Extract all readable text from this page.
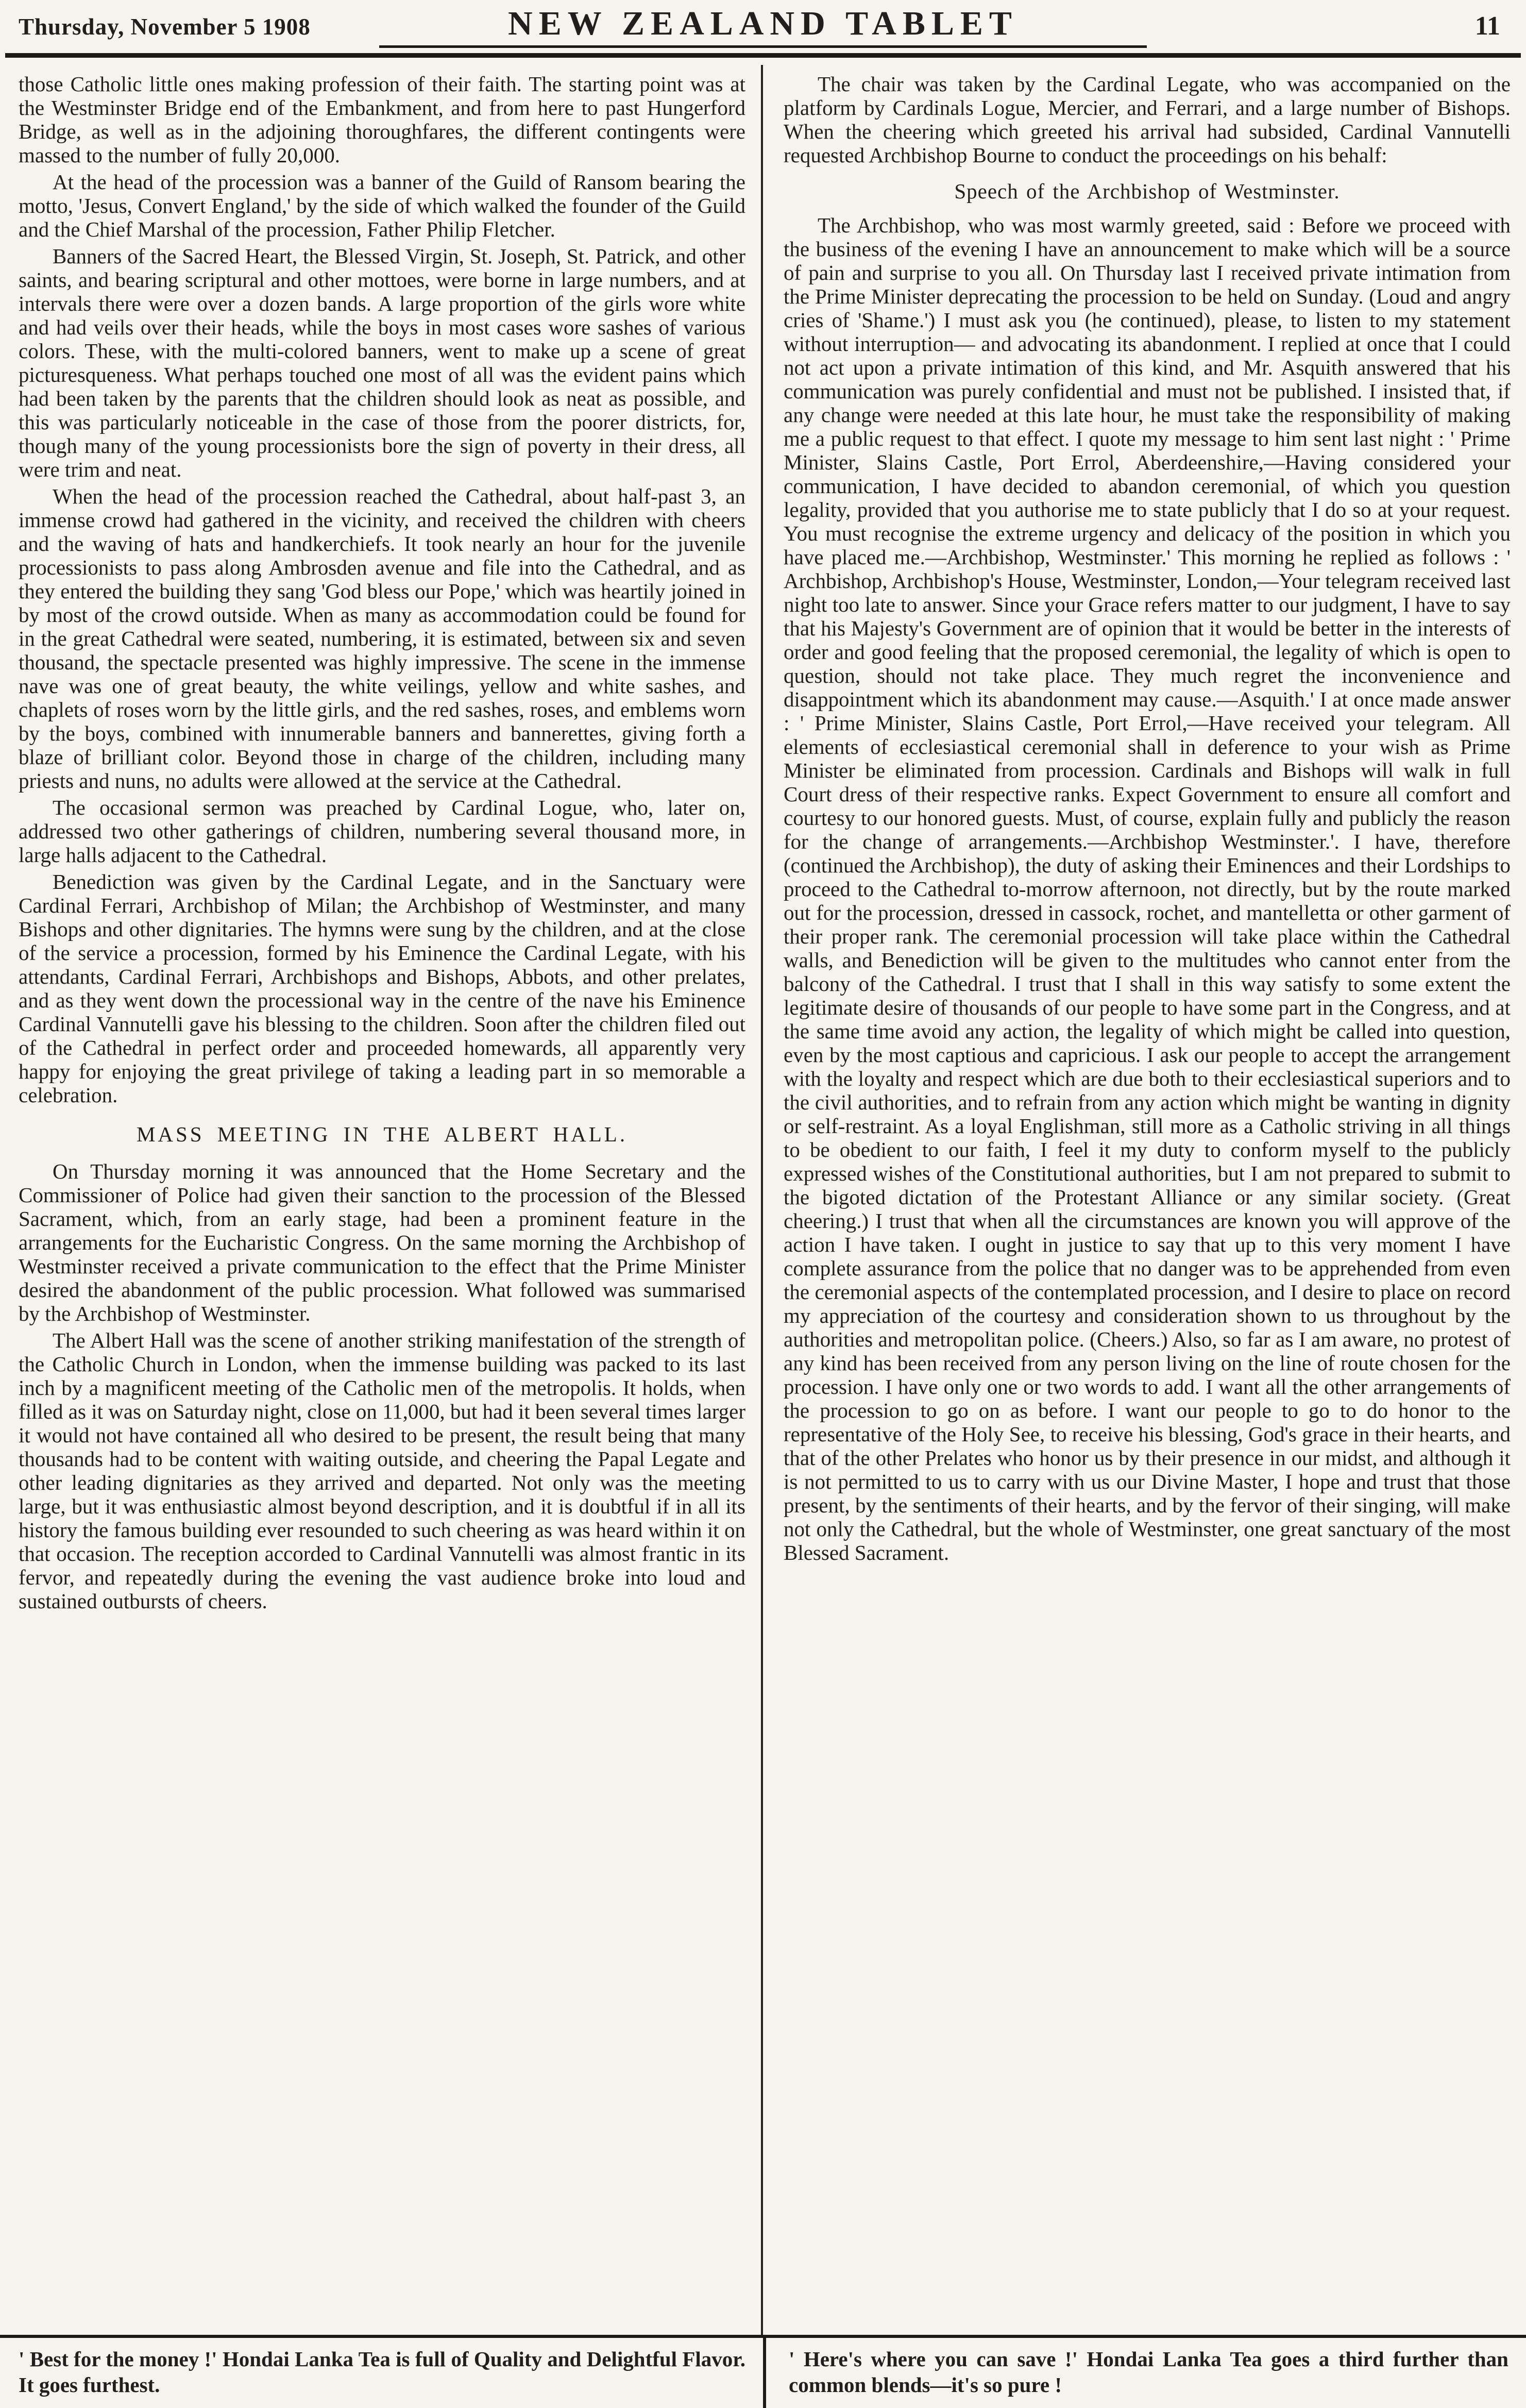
Thursday, November 5 1908	NEW ZEALAND TABLET	11

those Catholic little ones making profession of their faith. The starting point was at the Westminster Bridge end of the Embankment, and from here to past Hungerford Bridge, as well as in the adjoining thoroughfares, the different contingents were massed to the number of fully 20,000.

At the head of the procession was a banner of the Guild of Ransom bearing the motto, 'Jesus, Convert England,' by the side of which walked the founder of the Guild and the Chief Marshal of the procession, Father Philip Fletcher.

Banners of the Sacred Heart, the Blessed Virgin, St. Joseph, St. Patrick, and other saints, and bearing scriptural and other mottoes, were borne in large numbers, and at intervals there were over a dozen bands. A large proportion of the girls wore white and had veils over their heads, while the boys in most cases wore sashes of various colors. These, with the multi-colored banners, went to make up a scene of great picturesqueness. What perhaps touched one most of all was the evident pains which had been taken by the parents that the children should look as neat as possible, and this was particularly noticeable in the case of those from the poorer districts, for, though many of the young processionists bore the sign of poverty in their dress, all were trim and neat.

When the head of the procession reached the Cathedral, about half-past 3, an immense crowd had gathered in the vicinity, and received the children with cheers and the waving of hats and handkerchiefs. It took nearly an hour for the juvenile processionists to pass along Ambrosden avenue and file into the Cathedral, and as they entered the building they sang 'God bless our Pope,' which was heartily joined in by most of the crowd outside. When as many as accommodation could be found for in the great Cathedral were seated, numbering, it is estimated, between six and seven thousand, the spectacle presented was highly impressive. The scene in the immense nave was one of great beauty, the white veilings, yellow and white sashes, and chaplets of roses worn by the little girls, and the red sashes, roses, and emblems worn by the boys, combined with innumerable banners and bannerettes, giving forth a blaze of brilliant color. Beyond those in charge of the children, including many priests and nuns, no adults were allowed at the service at the Cathedral.

The occasional sermon was preached by Cardinal Logue, who, later on, addressed two other gatherings of children, numbering several thousand more, in large halls adjacent to the Cathedral.

Benediction was given by the Cardinal Legate, and in the Sanctuary were Cardinal Ferrari, Archbishop of Milan; the Archbishop of Westminster, and many Bishops and other dignitaries. The hymns were sung by the children, and at the close of the service a procession, formed by his Eminence the Cardinal Legate, with his attendants, Cardinal Ferrari, Archbishops and Bishops, Abbots, and other prelates, and as they went down the processional way in the centre of the nave his Eminence Cardinal Vannutelli gave his blessing to the children. Soon after the children filed out of the Cathedral in perfect order and proceeded homewards, all apparently very happy for enjoying the great privilege of taking a leading part in so memorable a celebration.

MASS MEETING IN THE ALBERT HALL.

On Thursday morning it was announced that the Home Secretary and the Commissioner of Police had given their sanction to the procession of the Blessed Sacrament, which, from an early stage, had been a prominent feature in the arrangements for the Eucharistic Congress. On the same morning the Archbishop of Westminster received a private communication to the effect that the Prime Minister desired the abandonment of the public procession. What followed was summarised by the Archbishop of Westminster.

The Albert Hall was the scene of another striking manifestation of the strength of the Catholic Church in London, when the immense building was packed to its last inch by a magnificent meeting of the Catholic men of the metropolis. It holds, when filled as it was on Saturday night, close on 11,000, but had it been several times larger it would not have contained all who desired to be present, the result being that many thousands had to be content with waiting outside, and cheering the Papal Legate and other leading dignitaries as they arrived and departed. Not only was the meeting large, but it was enthusiastic almost beyond description, and it is doubtful if in all its history the famous building ever resounded to such cheering as was heard within it on that occasion. The reception accorded to Cardinal Vannutelli was almost frantic in its fervor, and repeatedly during the evening the vast audience broke into loud and sustained outbursts of cheers.

The chair was taken by the Cardinal Legate, who was accompanied on the platform by Cardinals Logue, Mercier, and Ferrari, and a large number of Bishops. When the cheering which greeted his arrival had subsided, Cardinal Vannutelli requested Archbishop Bourne to conduct the proceedings on his behalf:

Speech of the Archbishop of Westminster.

The Archbishop, who was most warmly greeted, said : Before we proceed with the business of the evening I have an announcement to make which will be a source of pain and surprise to you all. On Thursday last I received private intimation from the Prime Minister deprecating the procession to be held on Sunday. (Loud and angry cries of 'Shame.') I must ask you (he continued), please, to listen to my statement without interruption— and advocating its abandonment. I replied at once that I could not act upon a private intimation of this kind, and Mr. Asquith answered that his communication was purely confidential and must not be published. I insisted that, if any change were needed at this late hour, he must take the responsibility of making me a public request to that effect. I quote my message to him sent last night : ' Prime Minister, Slains Castle, Port Errol, Aberdeenshire,—Having considered your communication, I have decided to abandon ceremonial, of which you question legality, provided that you authorise me to state publicly that I do so at your request. You must recognise the extreme urgency and delicacy of the position in which you have placed me.—Archbishop, Westminster.' This morning he replied as follows : ' Archbishop, Archbishop's House, Westminster, London,—Your telegram received last night too late to answer. Since your Grace refers matter to our judgment, I have to say that his Majesty's Government are of opinion that it would be better in the interests of order and good feeling that the proposed ceremonial, the legality of which is open to question, should not take place. They much regret the inconvenience and disappointment which its abandonment may cause.—Asquith.' I at once made answer : ' Prime Minister, Slains Castle, Port Errol,—Have received your telegram. All elements of ecclesiastical ceremonial shall in deference to your wish as Prime Minister be eliminated from procession. Cardinals and Bishops will walk in full Court dress of their respective ranks. Expect Government to ensure all comfort and courtesy to our honored guests. Must, of course, explain fully and publicly the reason for the change of arrangements.—Archbishop Westminster.'. I have, therefore (continued the Archbishop), the duty of asking their Eminences and their Lordships to proceed to the Cathedral to-morrow afternoon, not directly, but by the route marked out for the procession, dressed in cassock, rochet, and mantelletta or other garment of their proper rank. The ceremonial procession will take place within the Cathedral walls, and Benediction will be given to the multitudes who cannot enter from the balcony of the Cathedral. I trust that I shall in this way satisfy to some extent the legitimate desire of thousands of our people to have some part in the Congress, and at the same time avoid any action, the legality of which might be called into question, even by the most captious and capricious. I ask our people to accept the arrangement with the loyalty and respect which are due both to their ecclesiastical superiors and to the civil authorities, and to refrain from any action which might be wanting in dignity or self-restraint. As a loyal Englishman, still more as a Catholic striving in all things to be obedient to our faith, I feel it my duty to conform myself to the publicly expressed wishes of the Constitutional authorities, but I am not prepared to submit to the bigoted dictation of the Protestant Alliance or any similar society. (Great cheering.) I trust that when all the circumstances are known you will approve of the action I have taken. I ought in justice to say that up to this very moment I have complete assurance from the police that no danger was to be apprehended from even the ceremonial aspects of the contemplated procession, and I desire to place on record my appreciation of the courtesy and consideration shown to us throughout by the authorities and metropolitan police. (Cheers.) Also, so far as I am aware, no protest of any kind has been received from any person living on the line of route chosen for the procession. I have only one or two words to add. I want all the other arrangements of the procession to go on as before. I want our people to go to do honor to the representative of the Holy See, to receive his blessing, God's grace in their hearts, and that of the other Prelates who honor us by their presence in our midst, and although it is not permitted to us to carry with us our Divine Master, I hope and trust that those present, by the sentiments of their hearts, and by the fervor of their singing, will make not only the Cathedral, but the whole of Westminster, one great sanctuary of the most Blessed Sacrament.

' Best for the money !' Hondai Lanka Tea is full of Quality and Delightful Flavor. It goes furthest.
' Here's where you can save !' Hondai Lanka Tea goes a third further than common blends—it's so pure !
